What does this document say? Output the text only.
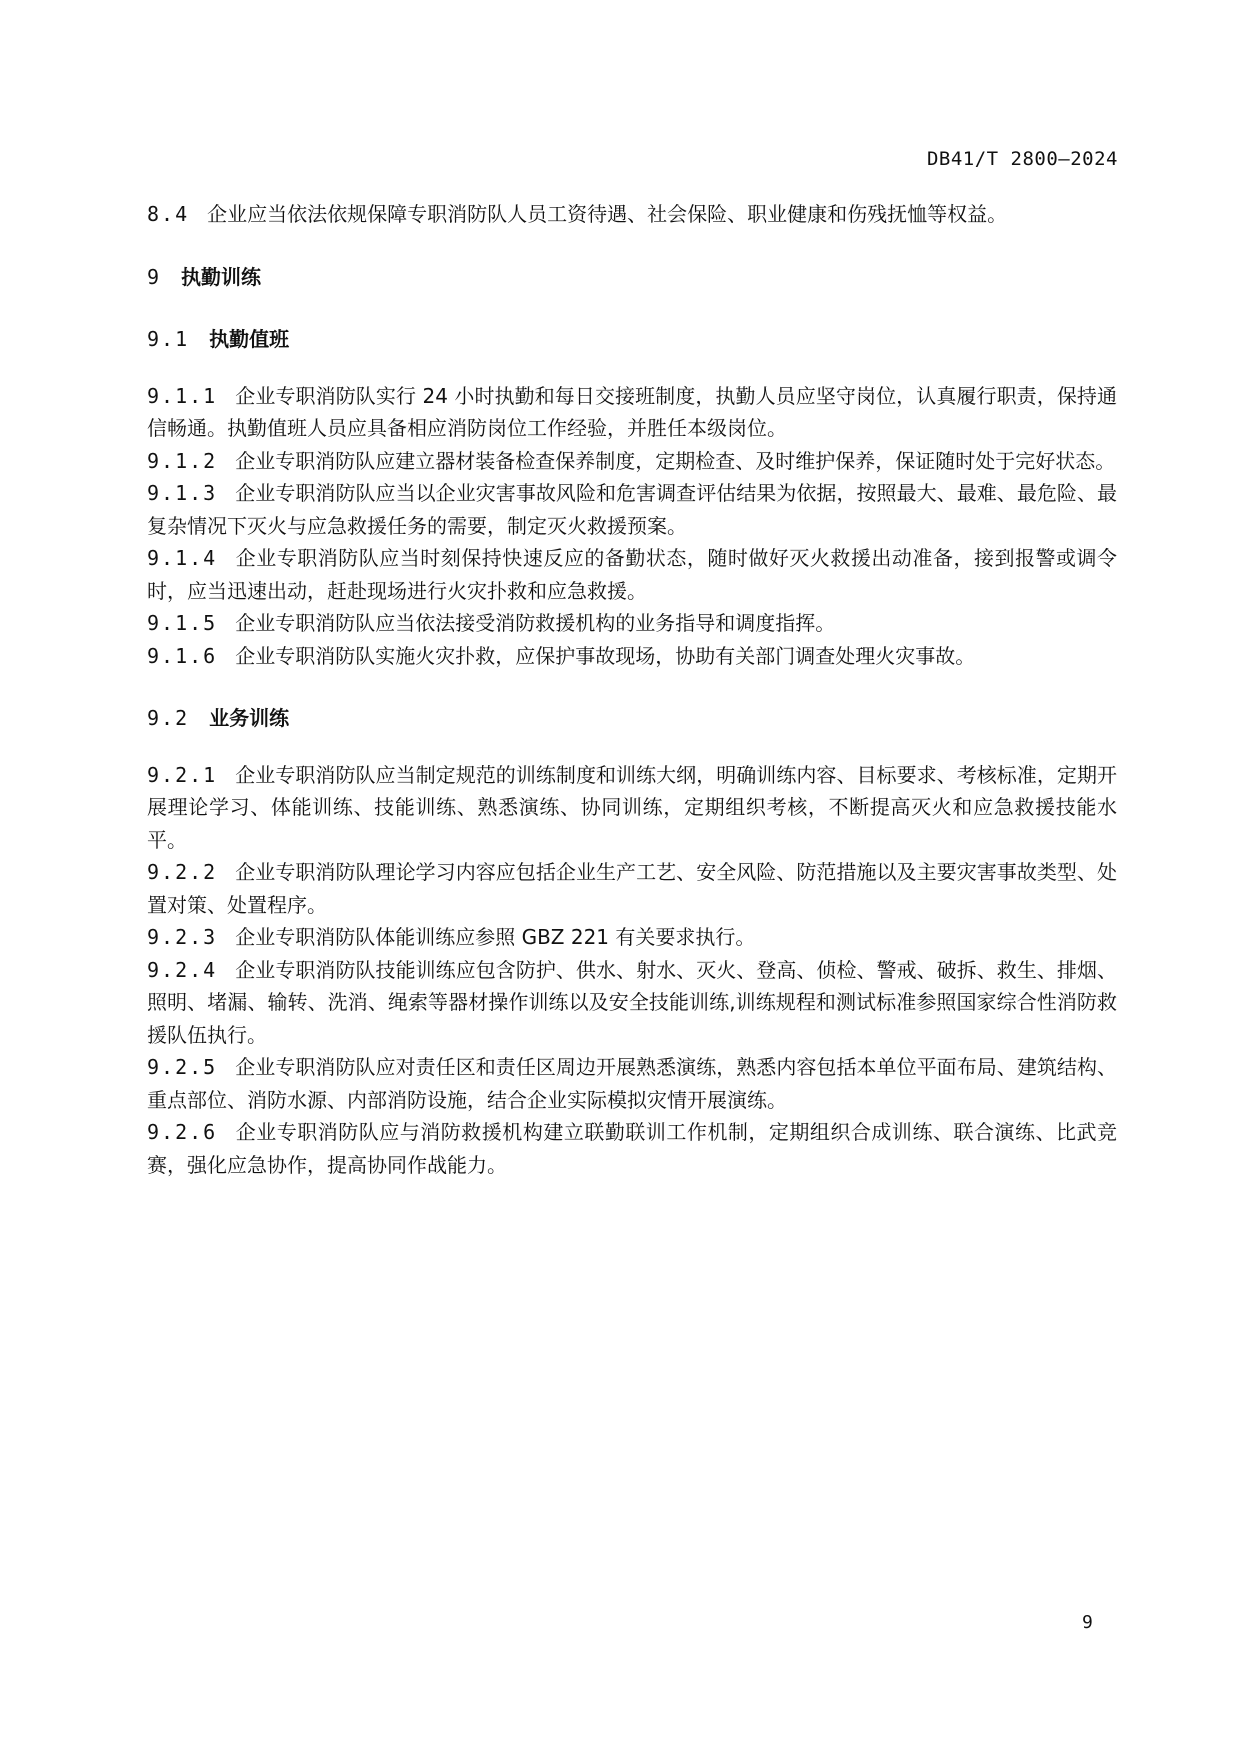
DB41/T 2800—2024

8.4 企业应当依法依规保障专职消防队人员工资待遇、社会保险、职业健康和伤残抚恤等权益。

9 执勤训练

9.1 执勤值班

9.1.1 企业专职消防队实行 24 小时执勤和每日交接班制度，执勤人员应坚守岗位，认真履行职责，保持通信畅通。执勤值班人员应具备相应消防岗位工作经验，并胜任本级岗位。

9.1.2 企业专职消防队应建立器材装备检查保养制度，定期检查、及时维护保养，保证随时处于完好状态。

9.1.3 企业专职消防队应当以企业灾害事故风险和危害调查评估结果为依据，按照最大、最难、最危险、最复杂情况下灭火与应急救援任务的需要，制定灭火救援预案。

9.1.4 企业专职消防队应当时刻保持快速反应的备勤状态，随时做好灭火救援出动准备，接到报警或调令时，应当迅速出动，赶赴现场进行火灾扑救和应急救援。

9.1.5 企业专职消防队应当依法接受消防救援机构的业务指导和调度指挥。

9.1.6 企业专职消防队实施火灾扑救，应保护事故现场，协助有关部门调查处理火灾事故。

9.2 业务训练

9.2.1 企业专职消防队应当制定规范的训练制度和训练大纲，明确训练内容、目标要求、考核标准，定期开展理论学习、体能训练、技能训练、熟悉演练、协同训练，定期组织考核，不断提高灭火和应急救援技能水平。

9.2.2 企业专职消防队理论学习内容应包括企业生产工艺、安全风险、防范措施以及主要灾害事故类型、处置对策、处置程序。

9.2.3 企业专职消防队体能训练应参照 GBZ 221 有关要求执行。

9.2.4 企业专职消防队技能训练应包含防护、供水、射水、灭火、登高、侦检、警戒、破拆、救生、排烟、照明、堵漏、输转、洗消、绳索等器材操作训练以及安全技能训练,训练规程和测试标准参照国家综合性消防救援队伍执行。

9.2.5 企业专职消防队应对责任区和责任区周边开展熟悉演练，熟悉内容包括本单位平面布局、建筑结构、重点部位、消防水源、内部消防设施，结合企业实际模拟灾情开展演练。

9.2.6 企业专职消防队应与消防救援机构建立联勤联训工作机制，定期组织合成训练、联合演练、比武竞赛，强化应急协作，提高协同作战能力。

9
